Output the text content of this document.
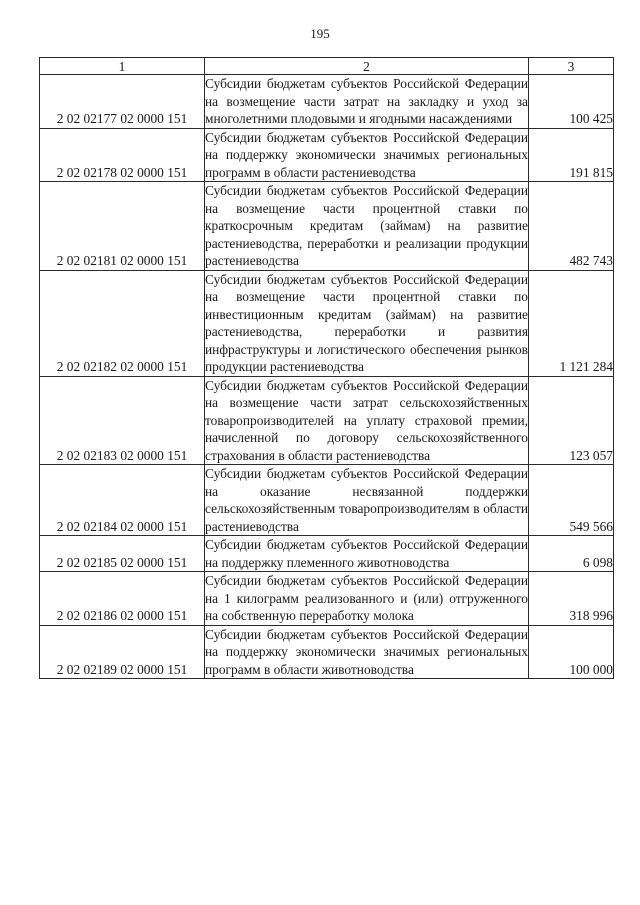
195
1	2	3
2 02 02177 02 0000 151	Субсидии бюджетам субъектов Российской Федерации на возмещение части затрат на закладку и уход за многолетними плодовыми и ягодными насаждениями	100 425
2 02 02178 02 0000 151	Субсидии бюджетам субъектов Российской Федерации на поддержку экономически значимых региональных программ в области растениеводства	191 815
2 02 02181 02 0000 151	Субсидии бюджетам субъектов Российской Федерации на возмещение части процентной ставки по краткосрочным кредитам (займам) на развитие растениеводства, переработки и реализации продукции растениеводства	482 743
2 02 02182 02 0000 151	Субсидии бюджетам субъектов Российской Федерации на возмещение части процентной ставки по инвестиционным кредитам (займам) на развитие растениеводства, переработки и развития инфраструктуры и логистического обеспечения рынков продукции растениеводства	1 121 284
2 02 02183 02 0000 151	Субсидии бюджетам субъектов Российской Федерации на возмещение части затрат сельскохозяйственных товаропроизводителей на уплату страховой премии, начисленной по договору сельскохозяйственного страхования в области растениеводства	123 057
2 02 02184 02 0000 151	Субсидии бюджетам субъектов Российской Федерации на оказание несвязанной поддержки сельскохозяйственным товаропроизводителям в области растениеводства	549 566
2 02 02185 02 0000 151	Субсидии бюджетам субъектов Российской Федерации на поддержку племенного животноводства	6 098
2 02 02186 02 0000 151	Субсидии бюджетам субъектов Российской Федерации на 1 килограмм реализованного и (или) отгруженного на собственную переработку молока	318 996
2 02 02189 02 0000 151	Субсидии бюджетам субъектов Российской Федерации на поддержку экономически значимых региональных программ в области животноводства	100 000
